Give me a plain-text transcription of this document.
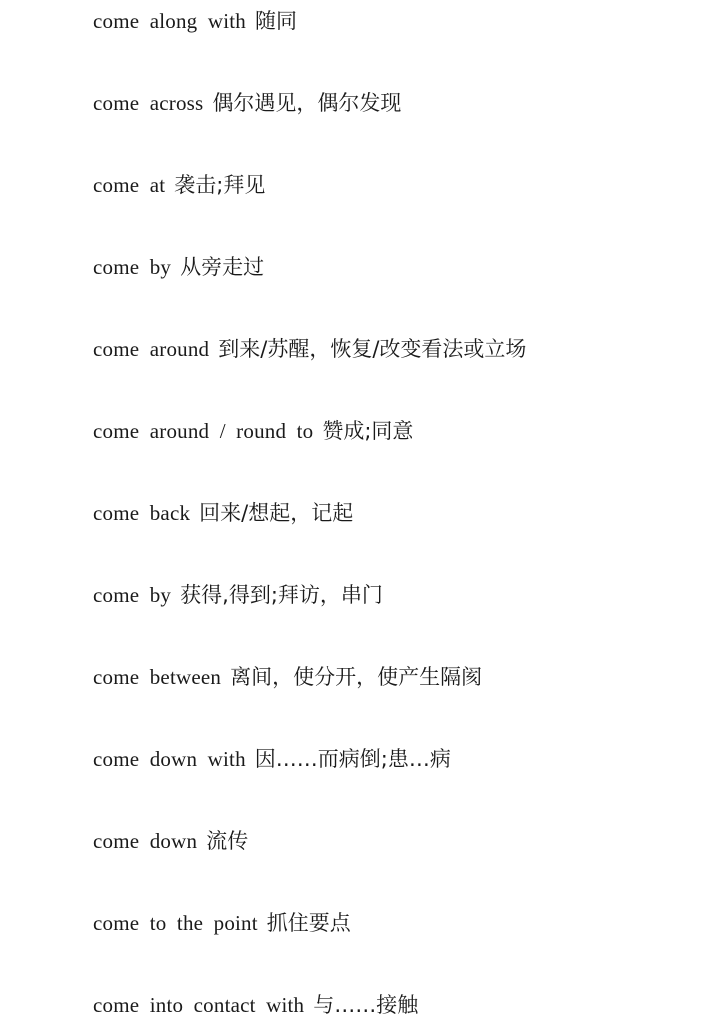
come along with 随同
come across 偶尔遇见，偶尔发现
come at 袭击;拜见
come by 从旁走过
come around 到来/苏醒，恢复/改变看法或立场
come around / round to 赞成;同意
come back 回来/想起，记起
come by 获得,得到;拜访，串门
come between 离间，使分开，使产生隔阂
come down with 因……而病倒;患…病
come down 流传
come to the point 抓住要点
come into contact with 与……接触
